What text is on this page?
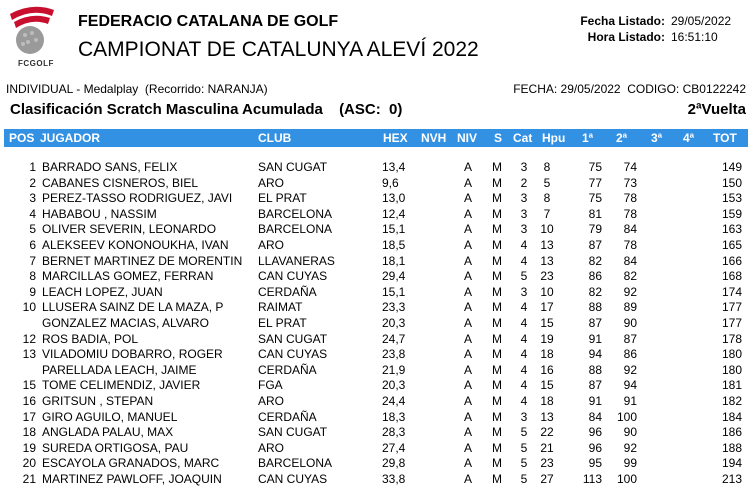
FCGOLF
FEDERACIO CATALANA DE GOLF
CAMPIONAT DE CATALUNYA ALEVÍ 2022
Fecha Listado: 29/05/2022
Hora Listado: 16:51:10
INDIVIDUAL - Medalplay  (Recorrido: NARANJA)	FECHA: 29/05/2022  CODIGO: CB0122242
Clasificación Scratch Masculina Acumulada (ASC:  0)	2ªVuelta
POS JUGADOR	CLUB	HEX NVH NIV S Cat Hpu 1ª 2ª 3ª 4ª TOT
1 BARRADO SANS, FELIX	SAN CUGAT	13,4	A M	3	8	75	74	149
2 CABANES CISNEROS, BIEL	ARO	9,6	A M	2	5	77	73	150
3 PEREZ-TASSO RODRIGUEZ, JAVI	EL PRAT	13,0	A M	3	8	75	78	153
4 HABABOU , NASSIM	BARCELONA	12,4	A M	3	7	81	78	159
5 OLIVER SEVERIN, LEONARDO	BARCELONA	15,1	A M	3	10	79	84	163
6 ALEKSEEV KONONOUKHA, IVAN	ARO	18,5	A M	4	13	87	78	165
7 BERNET MARTINEZ DE MORENTIN	LLAVANERAS	18,1	A M	4	13	82	84	166
8 MARCILLAS GOMEZ, FERRAN	CAN CUYAS	29,4	A M	5	23	86	82	168
9 LEACH LOPEZ, JUAN	CERDAÑA	15,1	A M	3	10	82	92	174
10 LLUSERA SAINZ DE LA MAZA, P	RAIMAT	23,3	A M	4	17	88	89	177
GONZALEZ MACIAS, ALVARO	EL PRAT	20,3	A M	4	15	87	90	177
12 ROS BADIA, POL	SAN CUGAT	24,7	A M	4	19	91	87	178
13 VILADOMIU DOBARRO, ROGER	CAN CUYAS	23,8	A M	4	18	94	86	180
PARELLADA LEACH, JAIME	CERDAÑA	21,9	A M	4	16	88	92	180
15 TOME CELIMENDIZ, JAVIER	FGA	20,3	A M	4	15	87	94	181
16 GRITSUN , STEPAN	ARO	24,4	A M	4	18	91	91	182
17 GIRO AGUILO, MANUEL	CERDAÑA	18,3	A M	3	13	84	100	184
18 ANGLADA PALAU, MAX	SAN CUGAT	28,3	A M	5	22	96	90	186
19 SUREDA ORTIGOSA, PAU	ARO	27,4	A M	5	21	96	92	188
20 ESCAYOLA GRANADOS, MARC	BARCELONA	29,8	A M	5	23	95	99	194
21 MARTINEZ PAWLOFF, JOAQUIN	CAN CUYAS	33,8	A M	5	27	113	100	213
